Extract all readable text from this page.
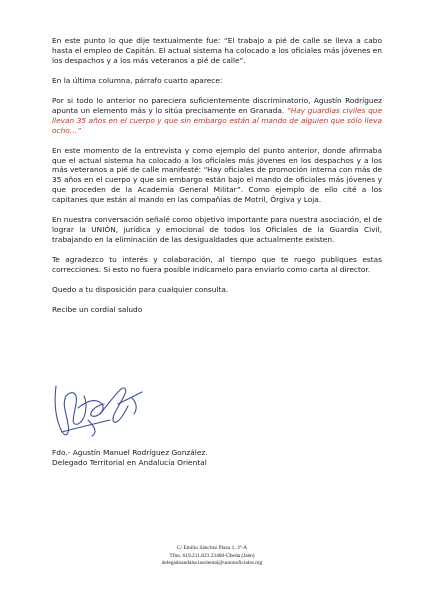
En este punto lo que dije textualmente fue: “El trabajo a pié de calle se lleva a cabo hasta el empleo de Capitán. El actual sistema ha colocado a los oficiales más jóvenes en los despachos y a los más veteranos a pié de calle”.

En la última columna, párrafo cuarto aparece:

Por si todo lo anterior no pareciera suficientemente discriminatorio, Agustín Rodríguez apunta un elemento más y lo sitúa precisamente en Granada. “Hay guardias civiles que llevan 35 años en el cuerpo y que sin embargo están al mando de alguien que sólo lleva ocho…”

En este momento de la entrevista y como ejemplo del punto anterior, donde afirmaba que el actual sistema ha colocado a los oficiales más jóvenes en los despachos y a los más veteranos a pié de calle manifesté: “Hay oficiales de promoción interna con más de 35 años en el cuerpo y que sin embargo están bajo el mando de oficiales más jóvenes y que proceden de la Academia General Militar”. Como ejemplo de ello cité a los capitanes que están al mando en las compañías de Motril, Órgiva y Loja.

En nuestra conversación señalé como objetivo importante para nuestra asociación, el de lograr la UNIÓN, jurídica y emocional de todos los Oficiales de la Guardia Civil, trabajando en la eliminación de las desigualdades que actualmente existen.

Te agradezco tu interés y colaboración, al tiempo que te ruego publiques estas correcciones. Si esto no fuera posible indícamelo para enviarlo como carta al director.

Quedo a tu disposición para cualquier consulta.

Recibe un cordial saludo

Fdo.- Agustín Manuel Rodríguez González.
Delegado Territorial en Andalucía Oriental
C/ Emilio Sánchez Plaza 1, 3º-A
Tfno. 619.211.823 23400-Úbeda (Jaén)
delegadoandaluciaoriental@unionoficiales.org
